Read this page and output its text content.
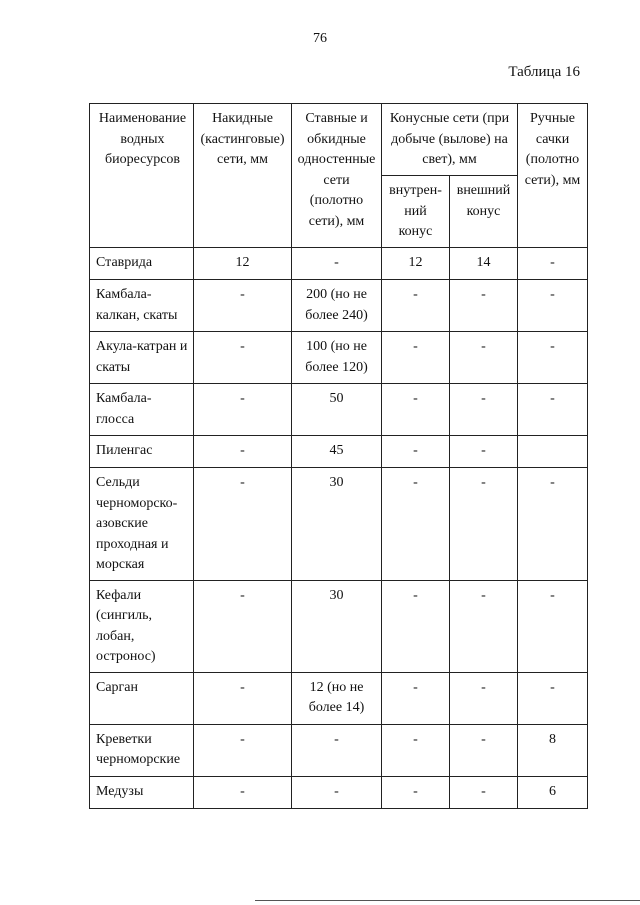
76
Таблица 16
Наименование водных биоресурсов	Накидные (кастинговые) сети, мм	Ставные и обкидные одностенные сети (полотно сети), мм	Конусные сети (при добыче (вылове) на свет), мм		Ручные сачки (полотно сети), мм
			внутрен-ний конус	внешний конус	
Ставрида	12	-	12	14	-
Камбала-калкан, скаты	-	200 (но не более 240)	-	-	-
Акула-катран и скаты	-	100 (но не более 120)	-	-	-
Камбала-глосса	-	50	-	-	-
Пиленгас	-	45	-	-	
Сельди черноморско-азовские проходная и морская	-	30	-	-	-
Кефали (сингиль, лобан, остронос)	-	30	-	-	-
Сарган	-	12 (но не более 14)	-	-	-
Креветки черноморские	-	-	-	-	8
Медузы	-	-	-	-	6
